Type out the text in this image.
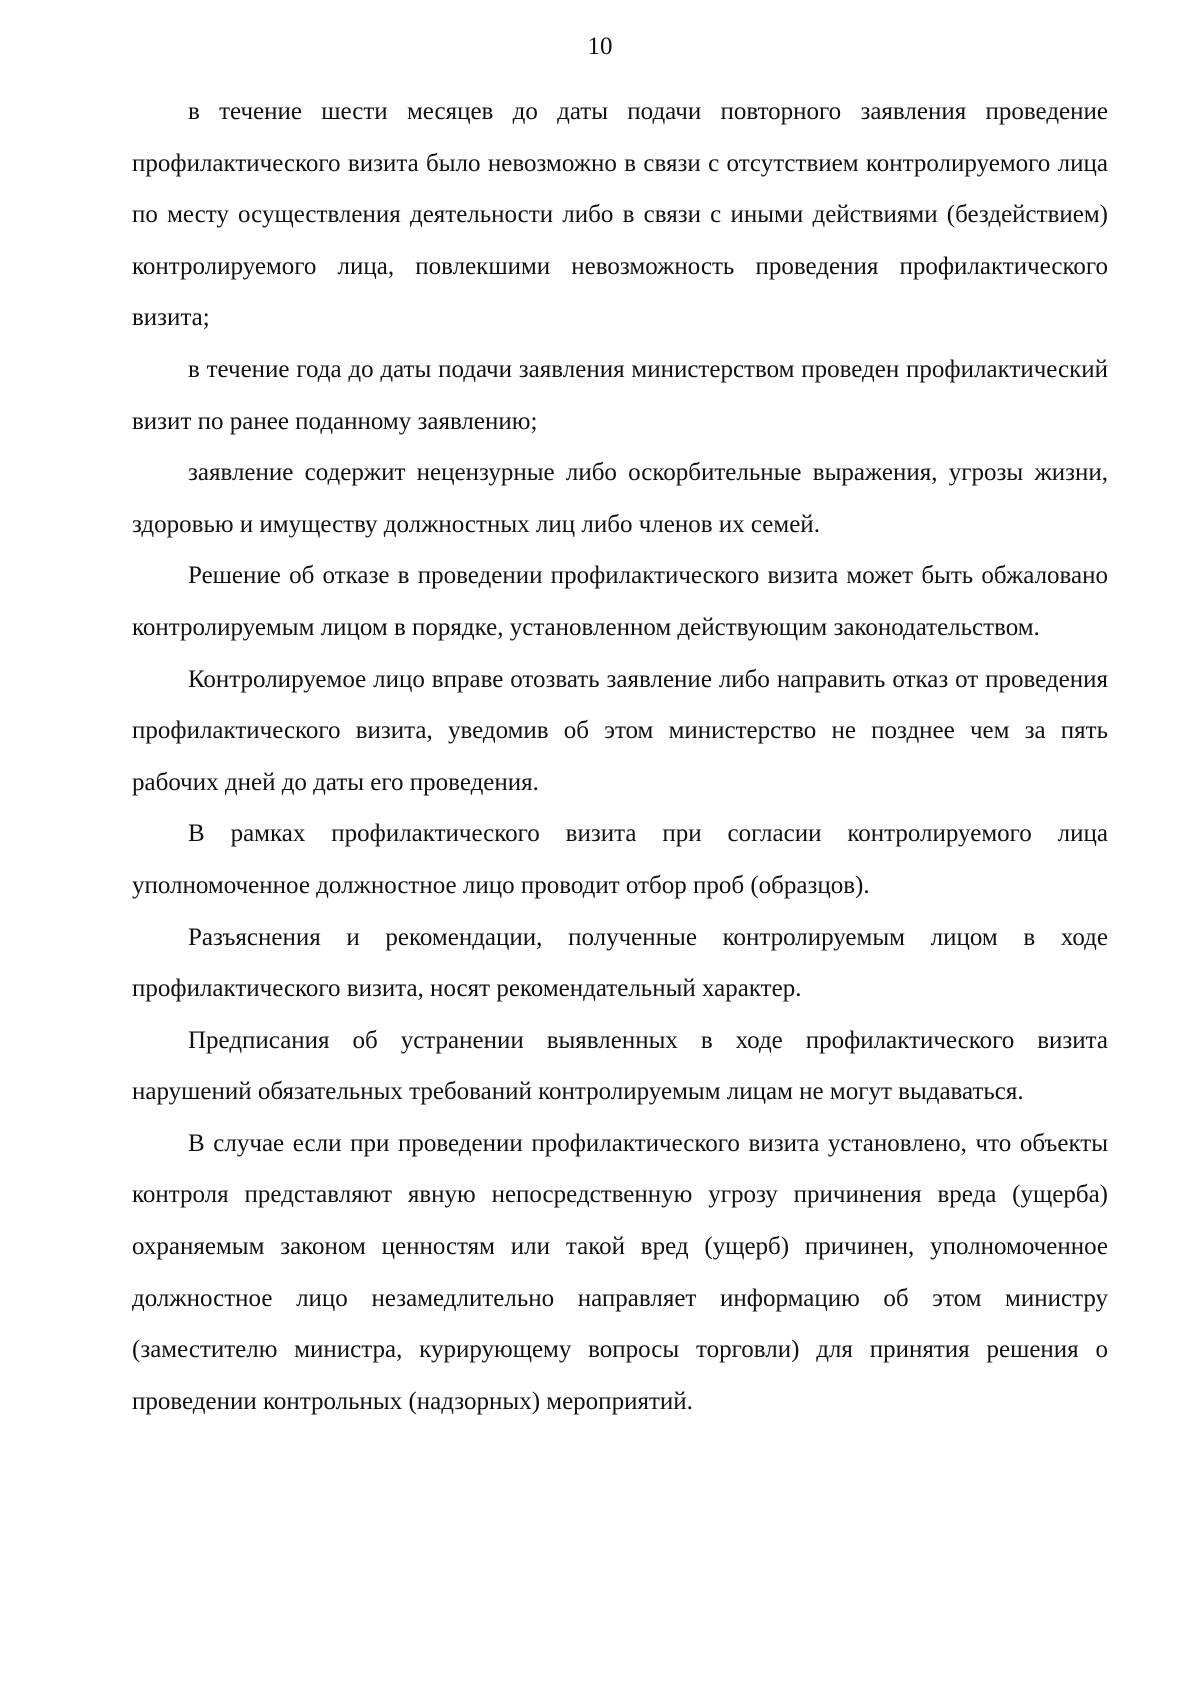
10

в течение шести месяцев до даты подачи повторного заявления проведение профилактического визита было невозможно в связи с отсутствием контролируемого лица по месту осуществления деятельности либо в связи с иными действиями (бездействием) контролируемого лица, повлекшими невозможность проведения профилактического визита;

в течение года до даты подачи заявления министерством проведен профилактический визит по ранее поданному заявлению;

заявление содержит нецензурные либо оскорбительные выражения, угрозы жизни, здоровью и имуществу должностных лиц либо членов их семей.

Решение об отказе в проведении профилактического визита может быть обжаловано контролируемым лицом в порядке, установленном действующим законодательством.

Контролируемое лицо вправе отозвать заявление либо направить отказ от проведения профилактического визита, уведомив об этом министерство не позднее чем за пять рабочих дней до даты его проведения.

В рамках профилактического визита при согласии контролируемого лица уполномоченное должностное лицо проводит отбор проб (образцов).

Разъяснения и рекомендации, полученные контролируемым лицом в ходе профилактического визита, носят рекомендательный характер.

Предписания об устранении выявленных в ходе профилактического визита нарушений обязательных требований контролируемым лицам не могут выдаваться.

В случае если при проведении профилактического визита установлено, что объекты контроля представляют явную непосредственную угрозу причинения вреда (ущерба) охраняемым законом ценностям или такой вред (ущерб) причинен, уполномоченное должностное лицо незамедлительно направляет информацию об этом министру (заместителю министра, курирующему вопросы торговли) для принятия решения о проведении контрольных (надзорных) мероприятий.
